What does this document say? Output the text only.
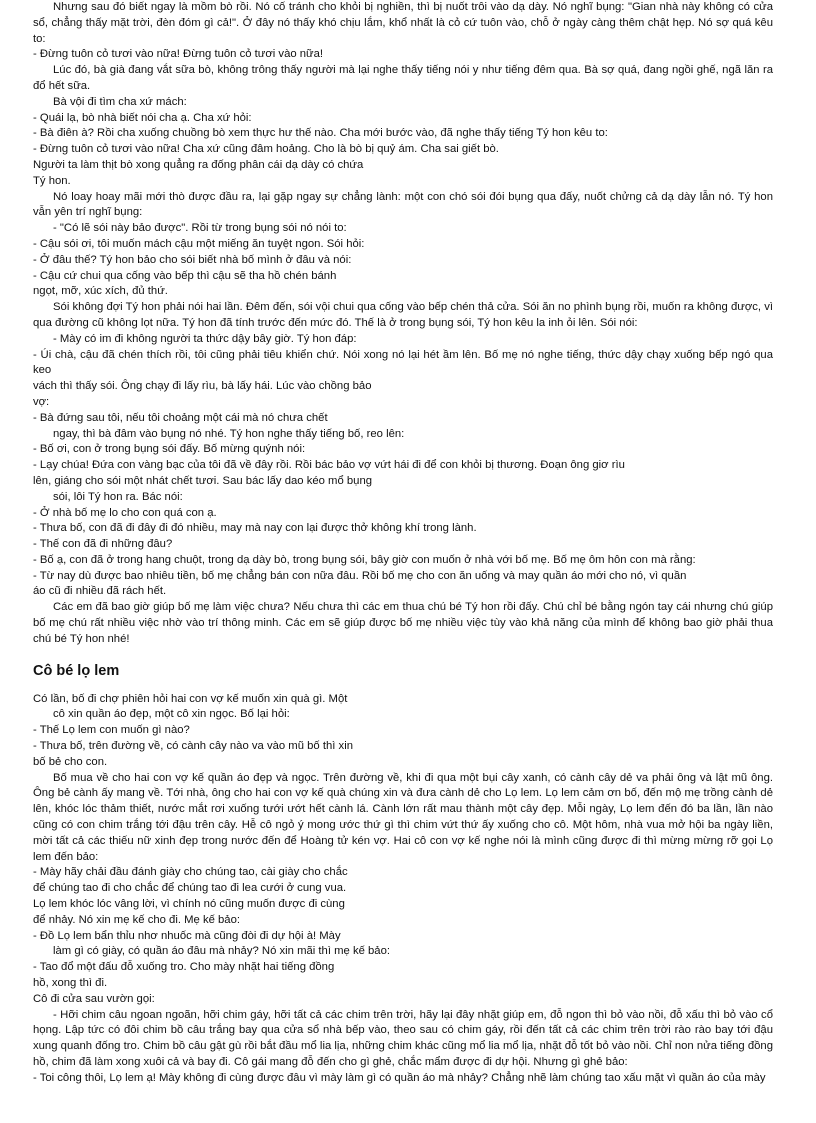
Nhưng sau đó biết ngay là mồm bò rồi. Nó cố tránh cho khỏi bị nghiền, thì bị nuốt trôi vào dạ dày. Nó nghĩ bụng: "Gian nhà này không có cửa sổ, chẳng thấy mặt trời, đèn đóm gì cả!". Ở đây nó thấy khó chịu lắm, khổ nhất là cỏ cứ tuôn vào, chỗ ở ngày càng thêm chật hẹp. Nó sợ quá kêu to:
- Đừng tuôn cỏ tươi vào nữa! Đừng tuôn cỏ tươi vào nữa!
Lúc đó, bà già đang vắt sữa bò, không trông thấy người mà lại nghe thấy tiếng nói y như tiếng đêm qua. Bà sợ quá, đang ngồi ghế, ngã lăn ra đổ hết sữa.
Bà vội đi tìm cha xứ mách:
- Quái lạ, bò nhà biết nói cha ạ. Cha xứ hỏi:
- Bà điên à? Rồi cha xuống chuồng bò xem thực hư thế nào. Cha mới bước vào, đã nghe thấy tiếng Tý hon kêu to:
- Đừng tuôn cỏ tươi vào nữa! Cha xứ cũng đâm hoảng. Cho là bò bị quỷ ám. Cha sai giết bò.
Người ta làm thịt bò xong quẳng ra đống phân cái dạ dày có chứa
Tý hon.
Nó loay hoay mãi mới thò được đầu ra, lại gặp ngay sự chẳng lành: một con chó sói đói bụng qua đấy, nuốt chửng cả dạ dày lẫn nó. Tý hon vẫn yên trí nghĩ bụng:
- "Có lẽ sói này bảo được". Rồi từ trong bụng sói nó nói to:
- Cậu sói ơi, tôi muốn mách cậu một miếng ăn tuyệt ngon. Sói hỏi:
- Ở đâu thế? Tý hon bảo cho sói biết nhà bố mình ở đâu và nói:
- Cậu cứ chui qua cống vào bếp thì cậu sẽ tha hồ chén bánh
ngọt, mỡ, xúc xích, đủ thứ.
Sói không đợi Tý hon phải nói hai lần. Đêm đến, sói vội chui qua cống vào bếp chén thả cửa. Sói ăn no phình bụng rồi, muốn ra không được, vì qua đường cũ không lọt nữa. Tý hon đã tính trước đến mức đó. Thế là ở trong bụng sói, Tý hon kêu la inh ỏi lên. Sói nói:
- Mày có im đi không người ta thức dậy bây giờ. Tý hon đáp:
- Úi chà, cậu đã chén thích rồi, tôi cũng phải tiêu khiển chứ. Nói xong nó lại hét ầm lên. Bố mẹ nó nghe tiếng, thức dậy chạy xuống bếp ngó qua keo
vách thì thấy sói. Ông chạy đi lấy rìu, bà lấy hái. Lúc vào chồng bảo
vợ:
- Bà đứng sau tôi, nếu tôi choảng một cái mà nó chưa chết
ngay, thì bà đâm vào bụng nó nhé. Tý hon nghe thấy tiếng bố, reo lên:
- Bố ơi, con ở trong bụng sói đấy. Bố mừng quýnh nói:
- Lạy chúa! Đứa con vàng bạc của tôi đã về đây rồi. Rồi bác bảo vợ vứt hái đi để con khỏi bị thương. Đoạn ông giơ rìu
lên, giáng cho sói một nhát chết tươi. Sau bác lấy dao kéo mổ bụng
sói, lôi Tý hon ra. Bác nói:
- Ở nhà bố mẹ lo cho con quá con ạ.
- Thưa bố, con đã đi đây đi đó nhiều, may mà nay con lại được thở không khí trong lành.
- Thế con đã đi những đâu?
- Bố ạ, con đã ở trong hang chuột, trong dạ dày bò, trong bụng sói, bây giờ con muốn ở nhà với bố mẹ. Bố mẹ ôm hôn con mà rằng:
- Từ nay dù được bao nhiêu tiền, bố mẹ chẳng bán con nữa đâu. Rồi bố mẹ cho con ăn uống và may quần áo mới cho nó, vì quần
áo cũ đi nhiều đã rách hết.
Các em đã bao giờ giúp bố mẹ làm việc chưa? Nếu chưa thì các em thua chú bé Tý hon rồi đấy. Chú chỉ bé bằng ngón tay cái nhưng chú giúp bố mẹ chú rất nhiều việc nhờ vào trí thông minh. Các em sẽ giúp được bố mẹ nhiều việc tùy vào khả năng của mình để không bao giờ phải thua chú bé Tý hon nhé!
Cô bé lọ lem
Có lần, bố đi chợ phiên hỏi hai con vợ kế muốn xin quà gì. Một
cô xin quần áo đẹp, một cô xin ngọc. Bố lại hỏi:
- Thế Lọ lem con muốn gì nào?
- Thưa bố, trên đường về, có cành cây nào va vào mũ bố thì xin
bố bẻ cho con.
Bố mua về cho hai con vợ kế quần áo đẹp và ngọc. Trên đường về, khi đi qua một bụi cây xanh, có cành cây dẻ va phải ông và lật mũ ông. Ông bẻ cành ấy mang về. Tới nhà, ông cho hai con vợ kế quà chúng xin và đưa cành dẻ cho Lọ lem. Lọ lem cảm ơn bố, đến mộ mẹ trồng cành dẻ lên, khóc lóc thảm thiết, nước mắt rơi xuống tưới ướt hết cành lá. Cành lớn rất mau thành một cây đẹp. Mỗi ngày, Lọ lem đến đó ba lần, lần nào cũng có con chim trắng tới đậu trên cây. Hễ cô ngỏ ý mong ước thứ gì thì chim vứt thứ ấy xuống cho cô. Một hôm, nhà vua mở hội ba ngày liền, mời tất cả các thiếu nữ xinh đẹp trong nước đến để Hoàng tử kén vợ. Hai cô con vợ kế nghe nói là mình cũng được đi thì mừng mừng rỡ gọi Lọ lem đến bảo:
- Mày hãy chải đầu đánh giày cho chúng tao, cài giày cho chắc
để chúng tao đi cho chắc để chúng tao đi lea cưới ở cung vua.
Lọ lem khóc lóc vâng lời, vì chính nó cũng muốn được đi cùng
để nhảy. Nó xin mẹ kế cho đi. Mẹ kế bảo:
- Đồ Lọ lem bẩn thỉu nhơ nhuốc mà cũng đòi đi dự hội à! Mày
làm gì có giày, có quần áo đâu mà nhảy? Nó xin mãi thì mẹ kế bảo:
- Tao đổ một đấu đỗ xuống tro. Cho mày nhặt hai tiếng đồng
hồ, xong thì đi.
Cô đi cửa sau vườn gọi:
- Hỡi chim câu ngoan ngoãn, hỡi chim gáy, hỡi tất cả các chim trên trời, hãy lại đây nhặt giúp em, đỗ ngon thì bỏ vào nồi, đỗ xấu thì bỏ vào cổ họng. Lập tức có đôi chim bồ câu trắng bay qua cửa sổ nhà bếp vào, theo sau có chim gáy, rồi đến tất cả các chim trên trời rào rào bay tới đậu xung quanh đống tro. Chim bồ câu gật gù rồi bắt đầu mổ lia lịa, những chim khác cũng mổ lia mổ lịa, nhặt đỗ tốt bỏ vào nồi. Chỉ non nửa tiếng đồng hồ, chim đã làm xong xuôi cả và bay đi. Cô gái mang đỗ đến cho gì ghẻ, chắc mẩm được đi dự hội. Nhưng gì ghẻ bảo:
- Toi công thôi, Lọ lem ạ! Mày không đi cùng được đâu vì mày làm gì có quần áo mà nhảy? Chẳng nhẽ làm chúng tao xấu mặt vì quần áo của mày
